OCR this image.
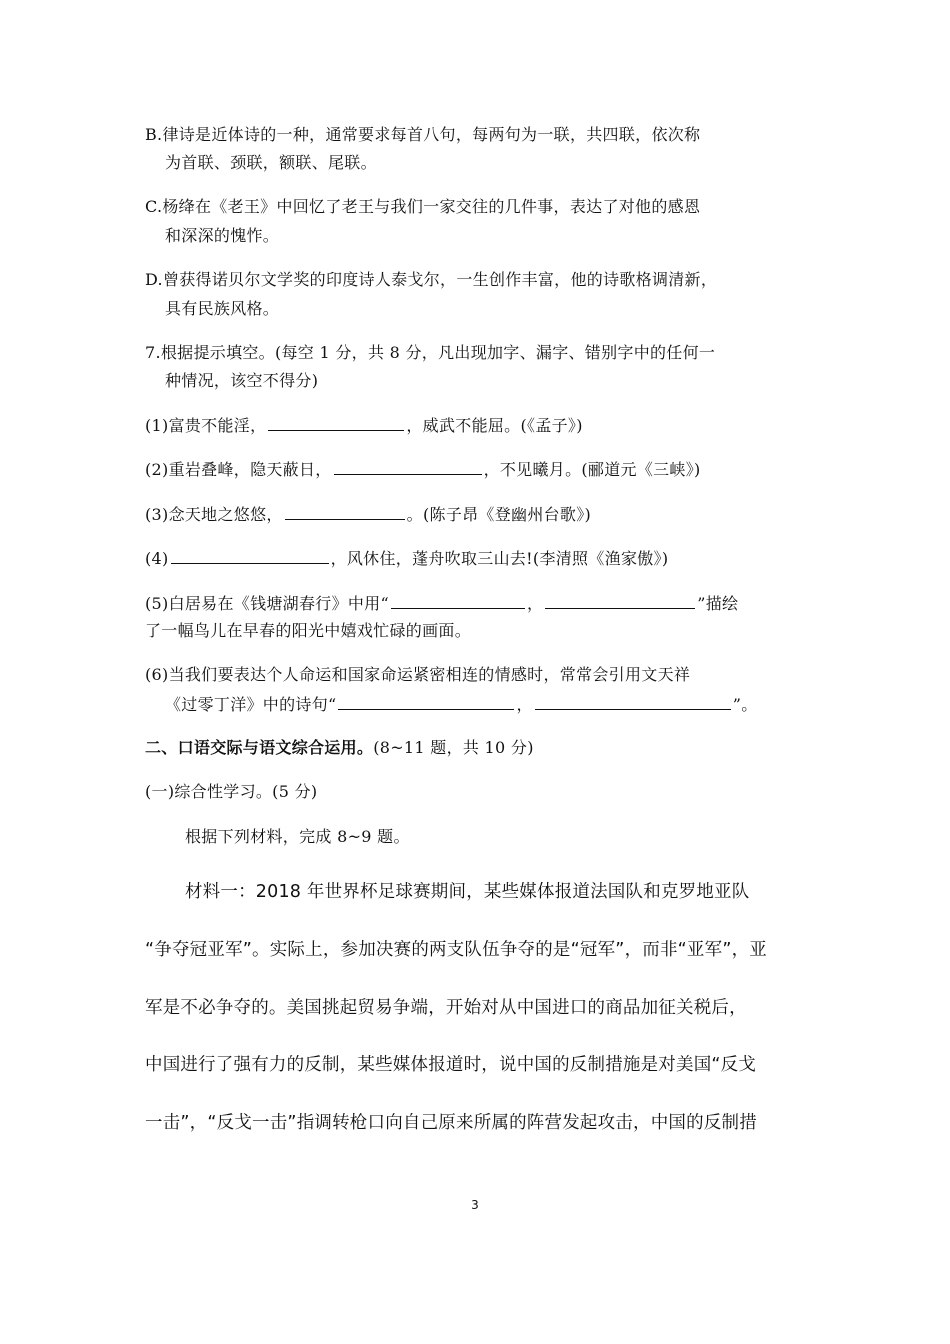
B.律诗是近体诗的一种，通常要求每首八句，每两句为一联，共四联，依次称
为首联、颈联，额联、尾联。
C.杨绛在《老王》中回忆了老王与我们一家交往的几件事，表达了对他的感恩
和深深的愧怍。
D.曾获得诺贝尔文学奖的印度诗人泰戈尔，一生创作丰富，他的诗歌格调清新，
具有民族风格。
7.根据提示填空。(每空 1 分，共 8 分，凡出现加字、漏字、错别字中的任何一
种情况，该空不得分)
(1)富贵不能淫，	，威武不能屈。(《孟子》)
(2)重岩叠峰，隐天蔽日，	，不见曦月。(郦道元《三峡》)
(3)念天地之悠悠，	。(陈子昂《登幽州台歌》)
(4)	，风休住，蓬舟吹取三山去!(李清照《渔家傲》)
(5)白居易在《钱塘湖春行》中用“	，	”描绘
了一幅鸟儿在早春的阳光中嬉戏忙碌的画面。
(6)当我们要表达个人命运和国家命运紧密相连的情感时，常常会引用文天祥
《过零丁洋》中的诗句“	，	”。
二、口语交际与语文综合运用。(8~11 题，共 10 分)
(一)综合性学习。(5 分)
根据下列材料，完成 8~9 题。
材料一：2018 年世界杯足球赛期间，某些媒体报道法国队和克罗地亚队
“争夺冠亚军”。实际上，参加决赛的两支队伍争夺的是“冠军”，而非“亚军”，亚
军是不必争夺的。美国挑起贸易争端，开始对从中国进口的商品加征关税后，
中国进行了强有力的反制，某些媒体报道时，说中国的反制措施是对美国“反戈
一击”，“反戈一击”指调转枪口向自己原来所属的阵营发起攻击，中国的反制措
3
